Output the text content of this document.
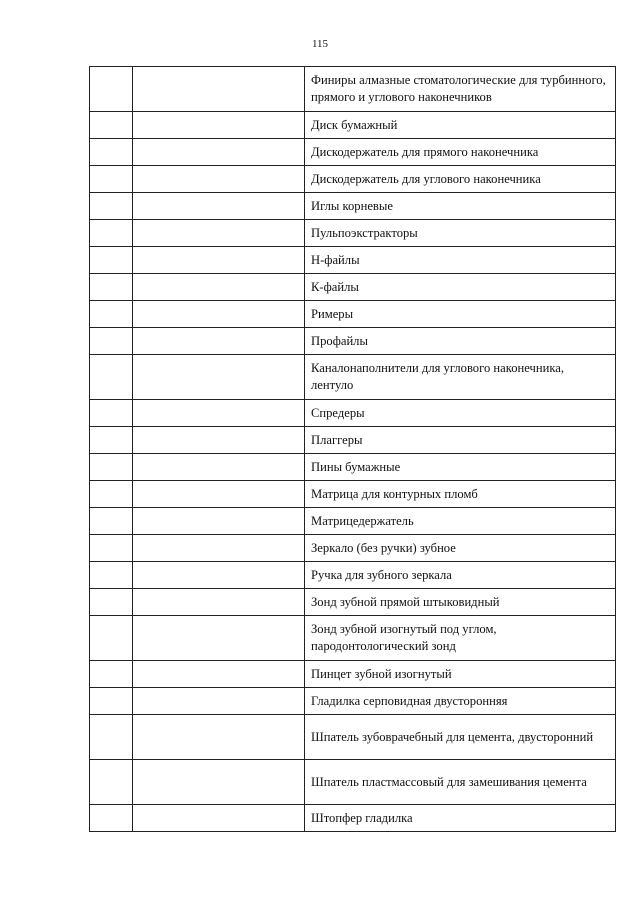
115
		Финиры алмазные стоматологические для турбинного, прямого и углового наконечников
		Диск бумажный
		Дискодержатель для прямого наконечника
		Дискодержатель для углового наконечника
		Иглы корневые
		Пульпоэкстракторы
		Н-файлы
		К-файлы
		Римеры
		Профайлы
		Каналонаполнители для углового наконечника, лентуло
		Спредеры
		Плаггеры
		Пины бумажные
		Матрица для контурных пломб
		Матрицедержатель
		Зеркало (без ручки) зубное
		Ручка для зубного зеркала
		Зонд зубной прямой штыковидный
		Зонд зубной изогнутый под углом, пародонтологический зонд
		Пинцет зубной изогнутый
		Гладилка серповидная двусторонняя
		Шпатель зубоврачебный для цемента, двусторонний
		Шпатель пластмассовый для замешивания цемента
		Штопфер гладилка
